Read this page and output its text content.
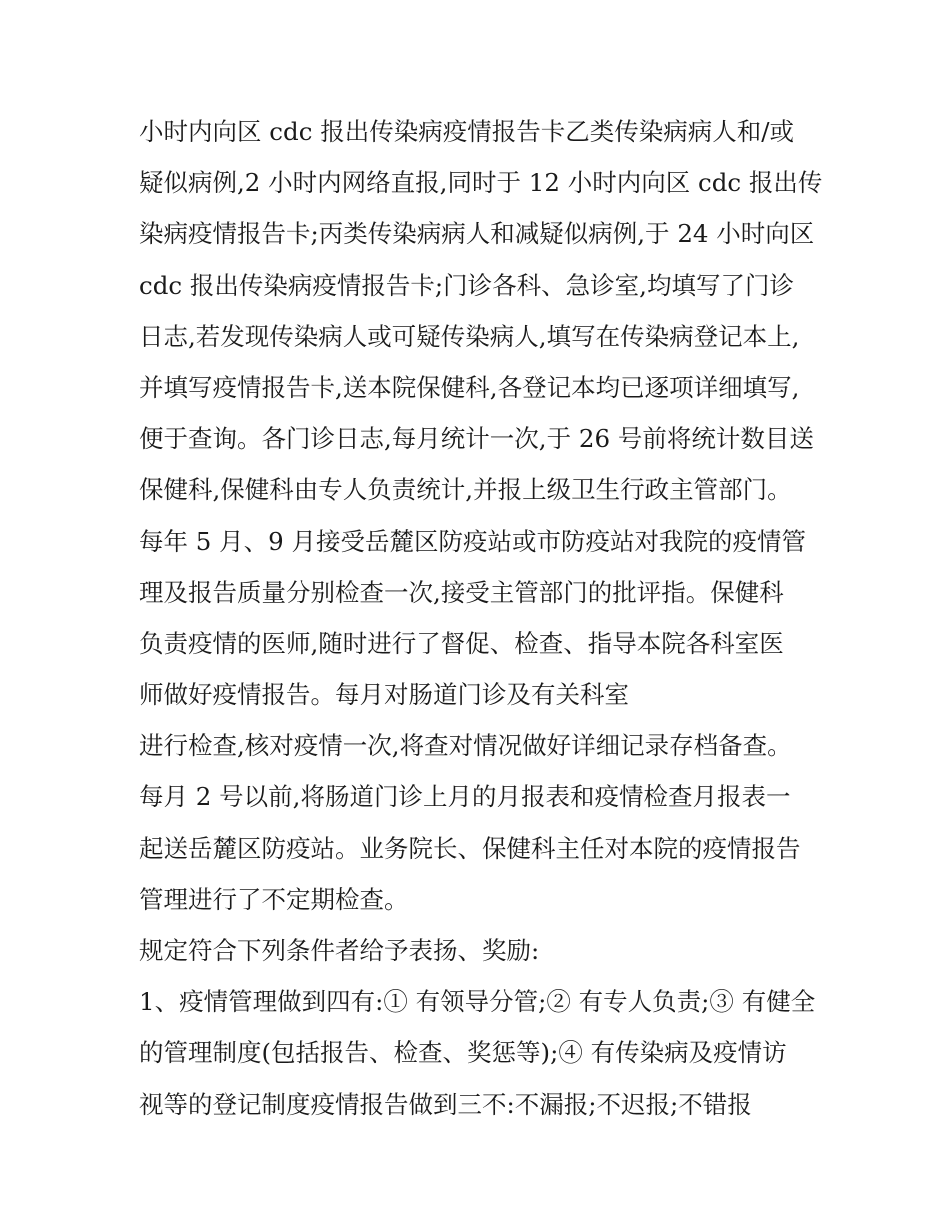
小时内向区 cdc 报出传染病疫情报告卡乙类传染病病人和/或
疑似病例,2 小时内网络直报,同时于 12 小时内向区 cdc 报出传
染病疫情报告卡;丙类传染病病人和减疑似病例,于 24 小时向区
cdc 报出传染病疫情报告卡;门诊各科、急诊室,均填写了门诊
日志,若发现传染病人或可疑传染病人,填写在传染病登记本上,
并填写疫情报告卡,送本院保健科,各登记本均已逐项详细填写,
便于查询。各门诊日志,每月统计一次,于 26 号前将统计数目送
保健科,保健科由专人负责统计,并报上级卫生行政主管部门。
每年 5 月、9 月接受岳麓区防疫站或市防疫站对我院的疫情管
理及报告质量分别检查一次,接受主管部门的批评指。保健科
负责疫情的医师,随时进行了督促、检查、指导本院各科室医
师做好疫情报告。每月对肠道门诊及有关科室
进行检查,核对疫情一次,将查对情况做好详细记录存档备查。
每月 2 号以前,将肠道门诊上月的月报表和疫情检查月报表一
起送岳麓区防疫站。业务院长、保健科主任对本院的疫情报告
管理进行了不定期检查。
规定符合下列条件者给予表扬、奖励:
1、疫情管理做到四有:① 有领导分管;② 有专人负责;③ 有健全
的管理制度(包括报告、检查、奖惩等);④ 有传染病及疫情访
视等的登记制度疫情报告做到三不:不漏报;不迟报;不错报
